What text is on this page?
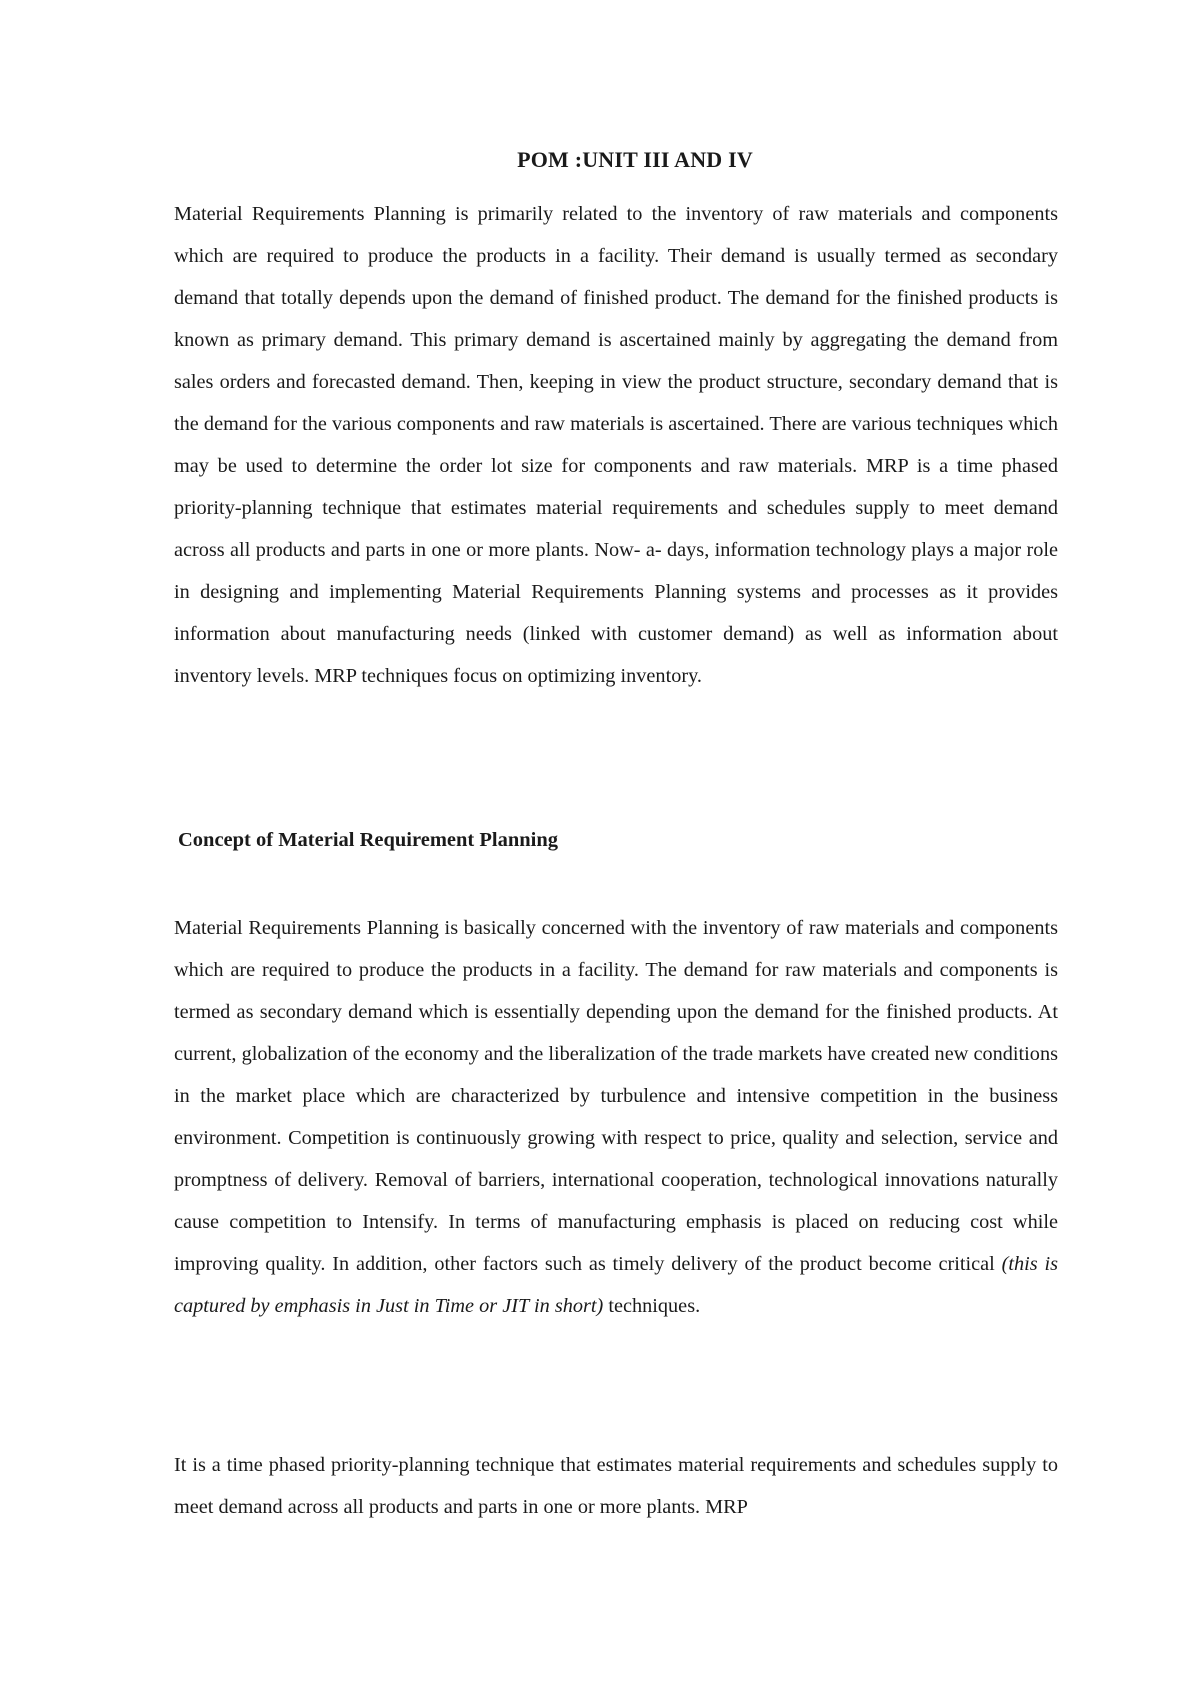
POM :UNIT III AND IV

Material Requirements Planning is primarily related to the inventory of raw materials and components which are required to produce the products in a facility. Their demand is usually termed as secondary demand that totally depends upon the demand of finished product. The demand for the finished products is known as primary demand. This primary demand is ascertained mainly by aggregating the demand from sales orders and forecasted demand. Then, keeping in view the product structure, secondary demand that is the demand for the various components and raw materials is ascertained. There are various techniques which may be used to determine the order lot size for components and raw materials. MRP is a time phased priority-planning technique that estimates material requirements and schedules supply to meet demand across all products and parts in one or more plants. Now- a- days, information technology plays a major role in designing and implementing Material Requirements Planning systems and processes as it provides information about manufacturing needs (linked with customer demand) as well as information about inventory levels. MRP techniques focus on optimizing inventory.

Concept of Material Requirement Planning

Material Requirements Planning is basically concerned with the inventory of raw materials and components which are required to produce the products in a facility. The demand for raw materials and components is termed as secondary demand which is essentially depending upon the demand for the finished products. At current, globalization of the economy and the liberalization of the trade markets have created new conditions in the market place which are characterized by turbulence and intensive competition in the business environment. Competition is continuously growing with respect to price, quality and selection, service and promptness of delivery. Removal of barriers, international cooperation, technological innovations naturally cause competition to Intensify. In terms of manufacturing emphasis is placed on reducing cost while improving quality. In addition, other factors such as timely delivery of the product become critical (this is captured by emphasis in Just in Time or JIT in short) techniques.

It is a time phased priority-planning technique that estimates material requirements and schedules supply to meet demand across all products and parts in one or more plants. MRP
